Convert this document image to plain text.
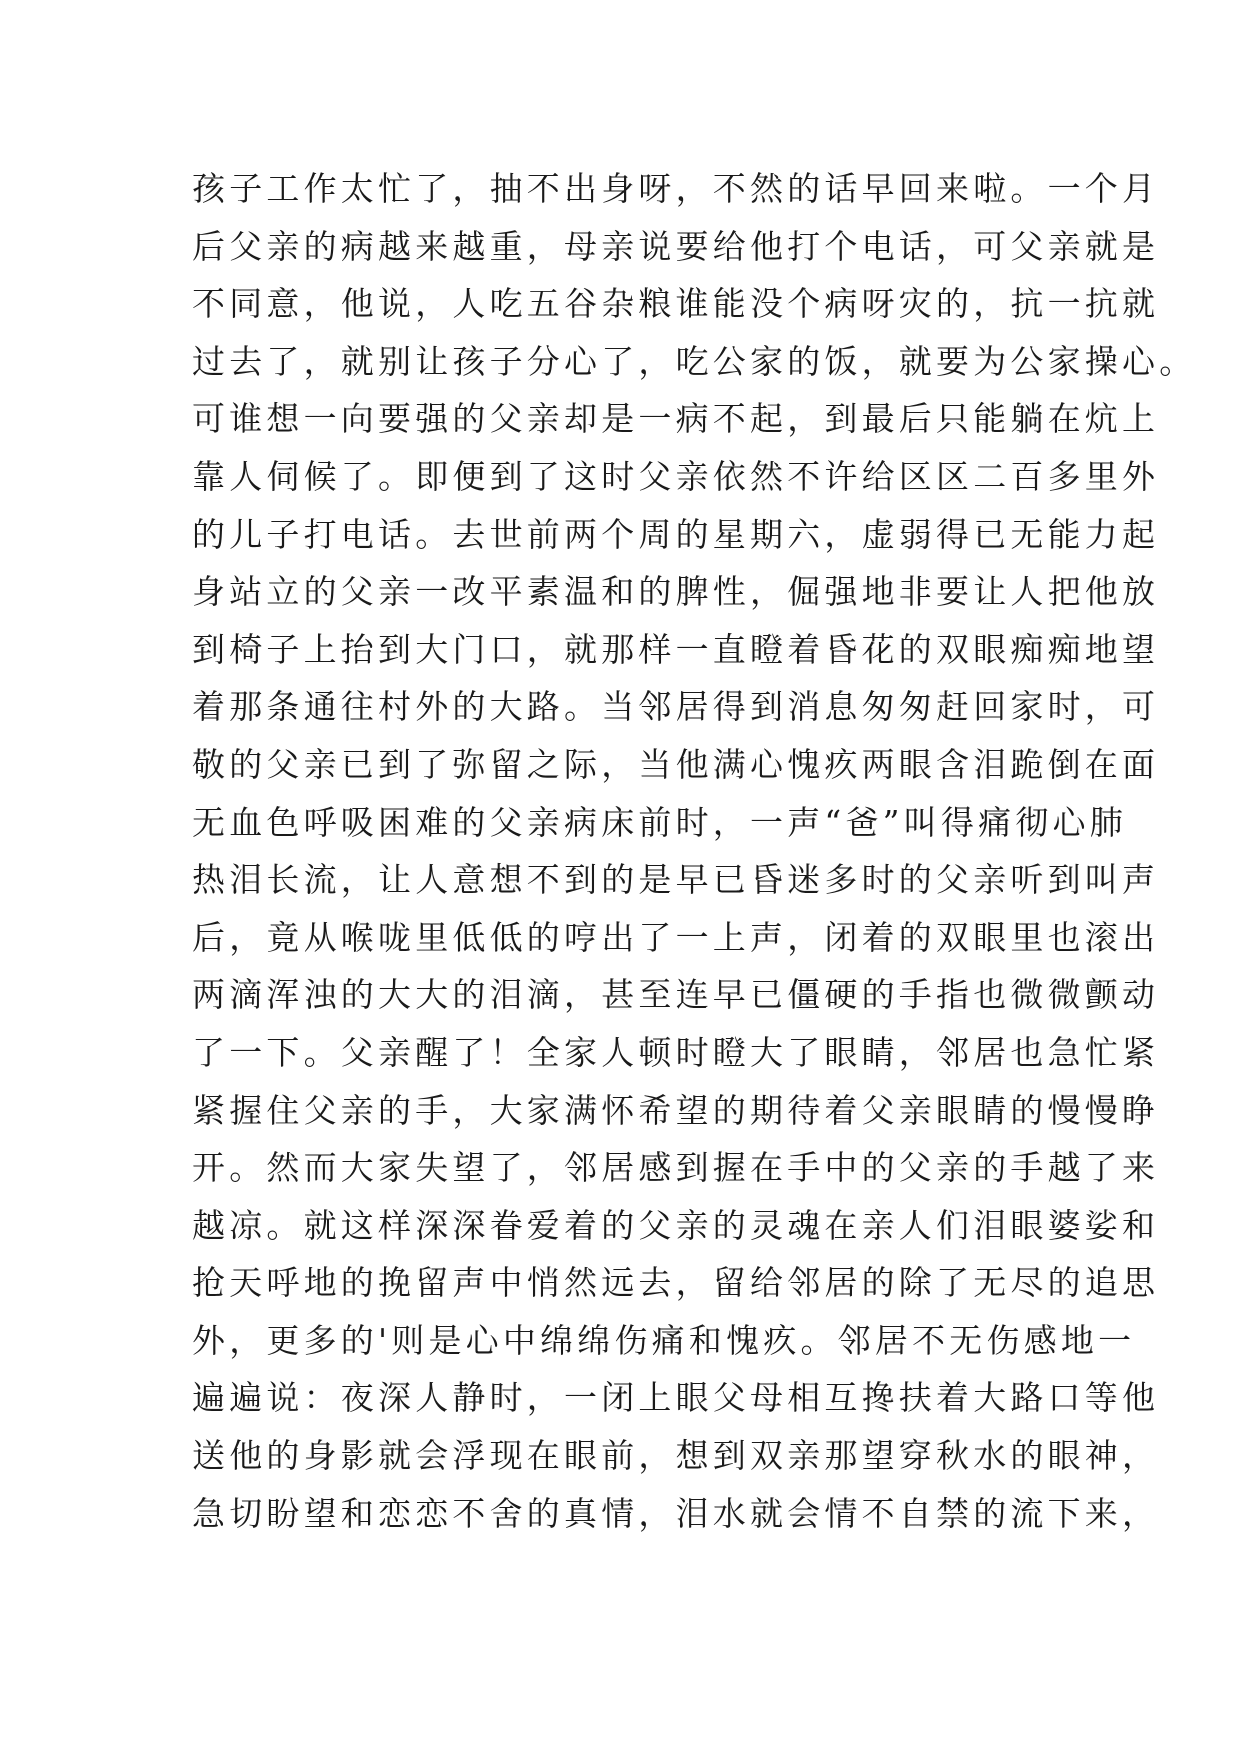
孩子工作太忙了，抽不出身呀，不然的话早回来啦。一个月
后父亲的病越来越重，母亲说要给他打个电话，可父亲就是
不同意，他说，人吃五谷杂粮谁能没个病呀灾的，抗一抗就
过去了，就别让孩子分心了，吃公家的饭，就要为公家操心。
可谁想一向要强的父亲却是一病不起，到最后只能躺在炕上
靠人伺候了。即便到了这时父亲依然不许给区区二百多里外
的儿子打电话。去世前两个周的星期六，虚弱得已无能力起
身站立的父亲一改平素温和的脾性，倔强地非要让人把他放
到椅子上抬到大门口，就那样一直瞪着昏花的双眼痴痴地望
着那条通往村外的大路。当邻居得到消息匆匆赶回家时，可
敬的父亲已到了弥留之际，当他满心愧疚两眼含泪跪倒在面
无血色呼吸困难的父亲病床前时，一声“爸”叫得痛彻心肺
热泪长流，让人意想不到的是早已昏迷多时的父亲听到叫声
后，竟从喉咙里低低的哼出了一上声，闭着的双眼里也滚出
两滴浑浊的大大的泪滴，甚至连早已僵硬的手指也微微颤动
了一下。父亲醒了！全家人顿时瞪大了眼睛，邻居也急忙紧
紧握住父亲的手，大家满怀希望的期待着父亲眼睛的慢慢睁
开。然而大家失望了，邻居感到握在手中的父亲的手越了来
越凉。就这样深深眷爱着的父亲的灵魂在亲人们泪眼婆娑和
抢天呼地的挽留声中悄然远去，留给邻居的除了无尽的追思
外，更多的'则是心中绵绵伤痛和愧疚。邻居不无伤感地一
遍遍说：夜深人静时，一闭上眼父母相互搀扶着大路口等他
送他的身影就会浮现在眼前，想到双亲那望穿秋水的眼神，
急切盼望和恋恋不舍的真情，泪水就会情不自禁的流下来，
